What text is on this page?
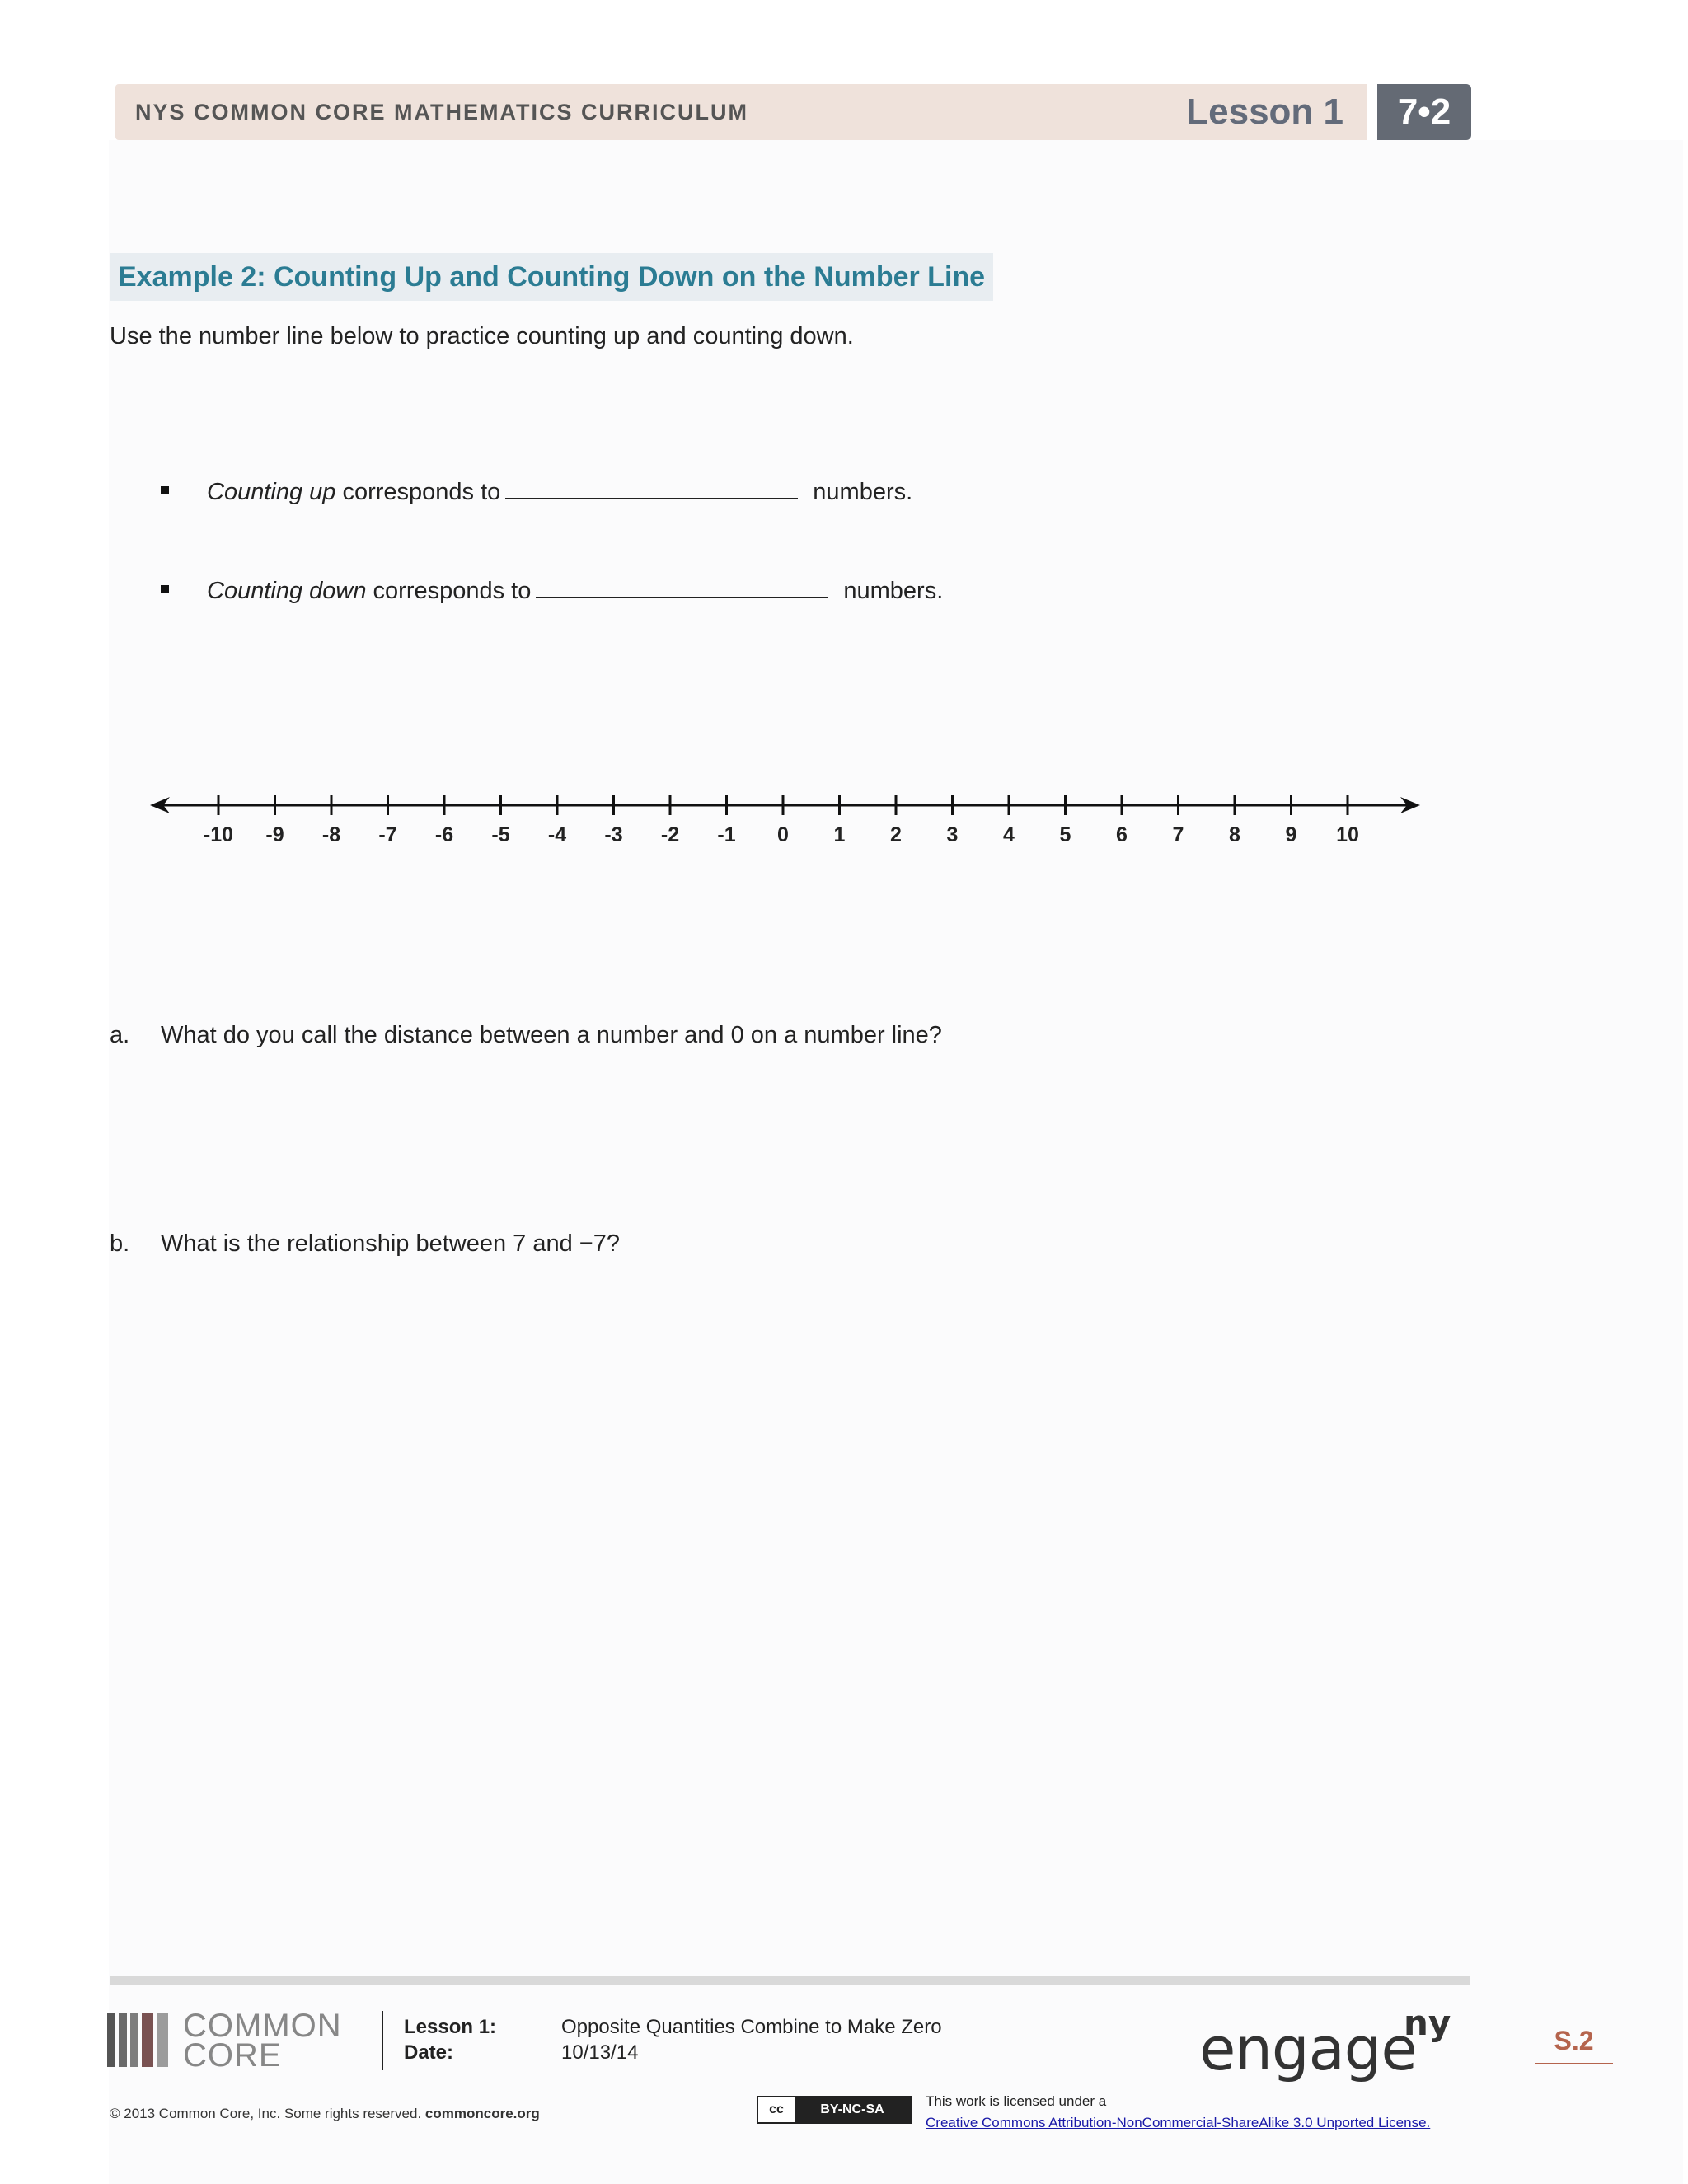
NYS COMMON CORE MATHEMATICS CURRICULUM	Lesson 1	7•2
Example 2: Counting Up and Counting Down on the Number Line
Use the number line below to practice counting up and counting down.
Counting up corresponds to	numbers.
Counting down corresponds to	numbers.
-10 -9 -8 -7 -6 -5 -4 -3 -2 -1 0 1 2 3 4 5 6 7 8 9 10
a. What do you call the distance between a number and 0 on a number line?
b. What is the relationship between 7 and −7?
COMMON
CORE
Lesson 1:	Opposite Quantities Combine to Make Zero
Date:	10/13/14	engage
ny	S.2
© 2013 Common Core, Inc. Some rights reserved. commoncore.org	cc	BY-NC-SA
This work is licensed under a
Creative Commons Attribution-NonCommercial-ShareAlike 3.0 Unported License.
